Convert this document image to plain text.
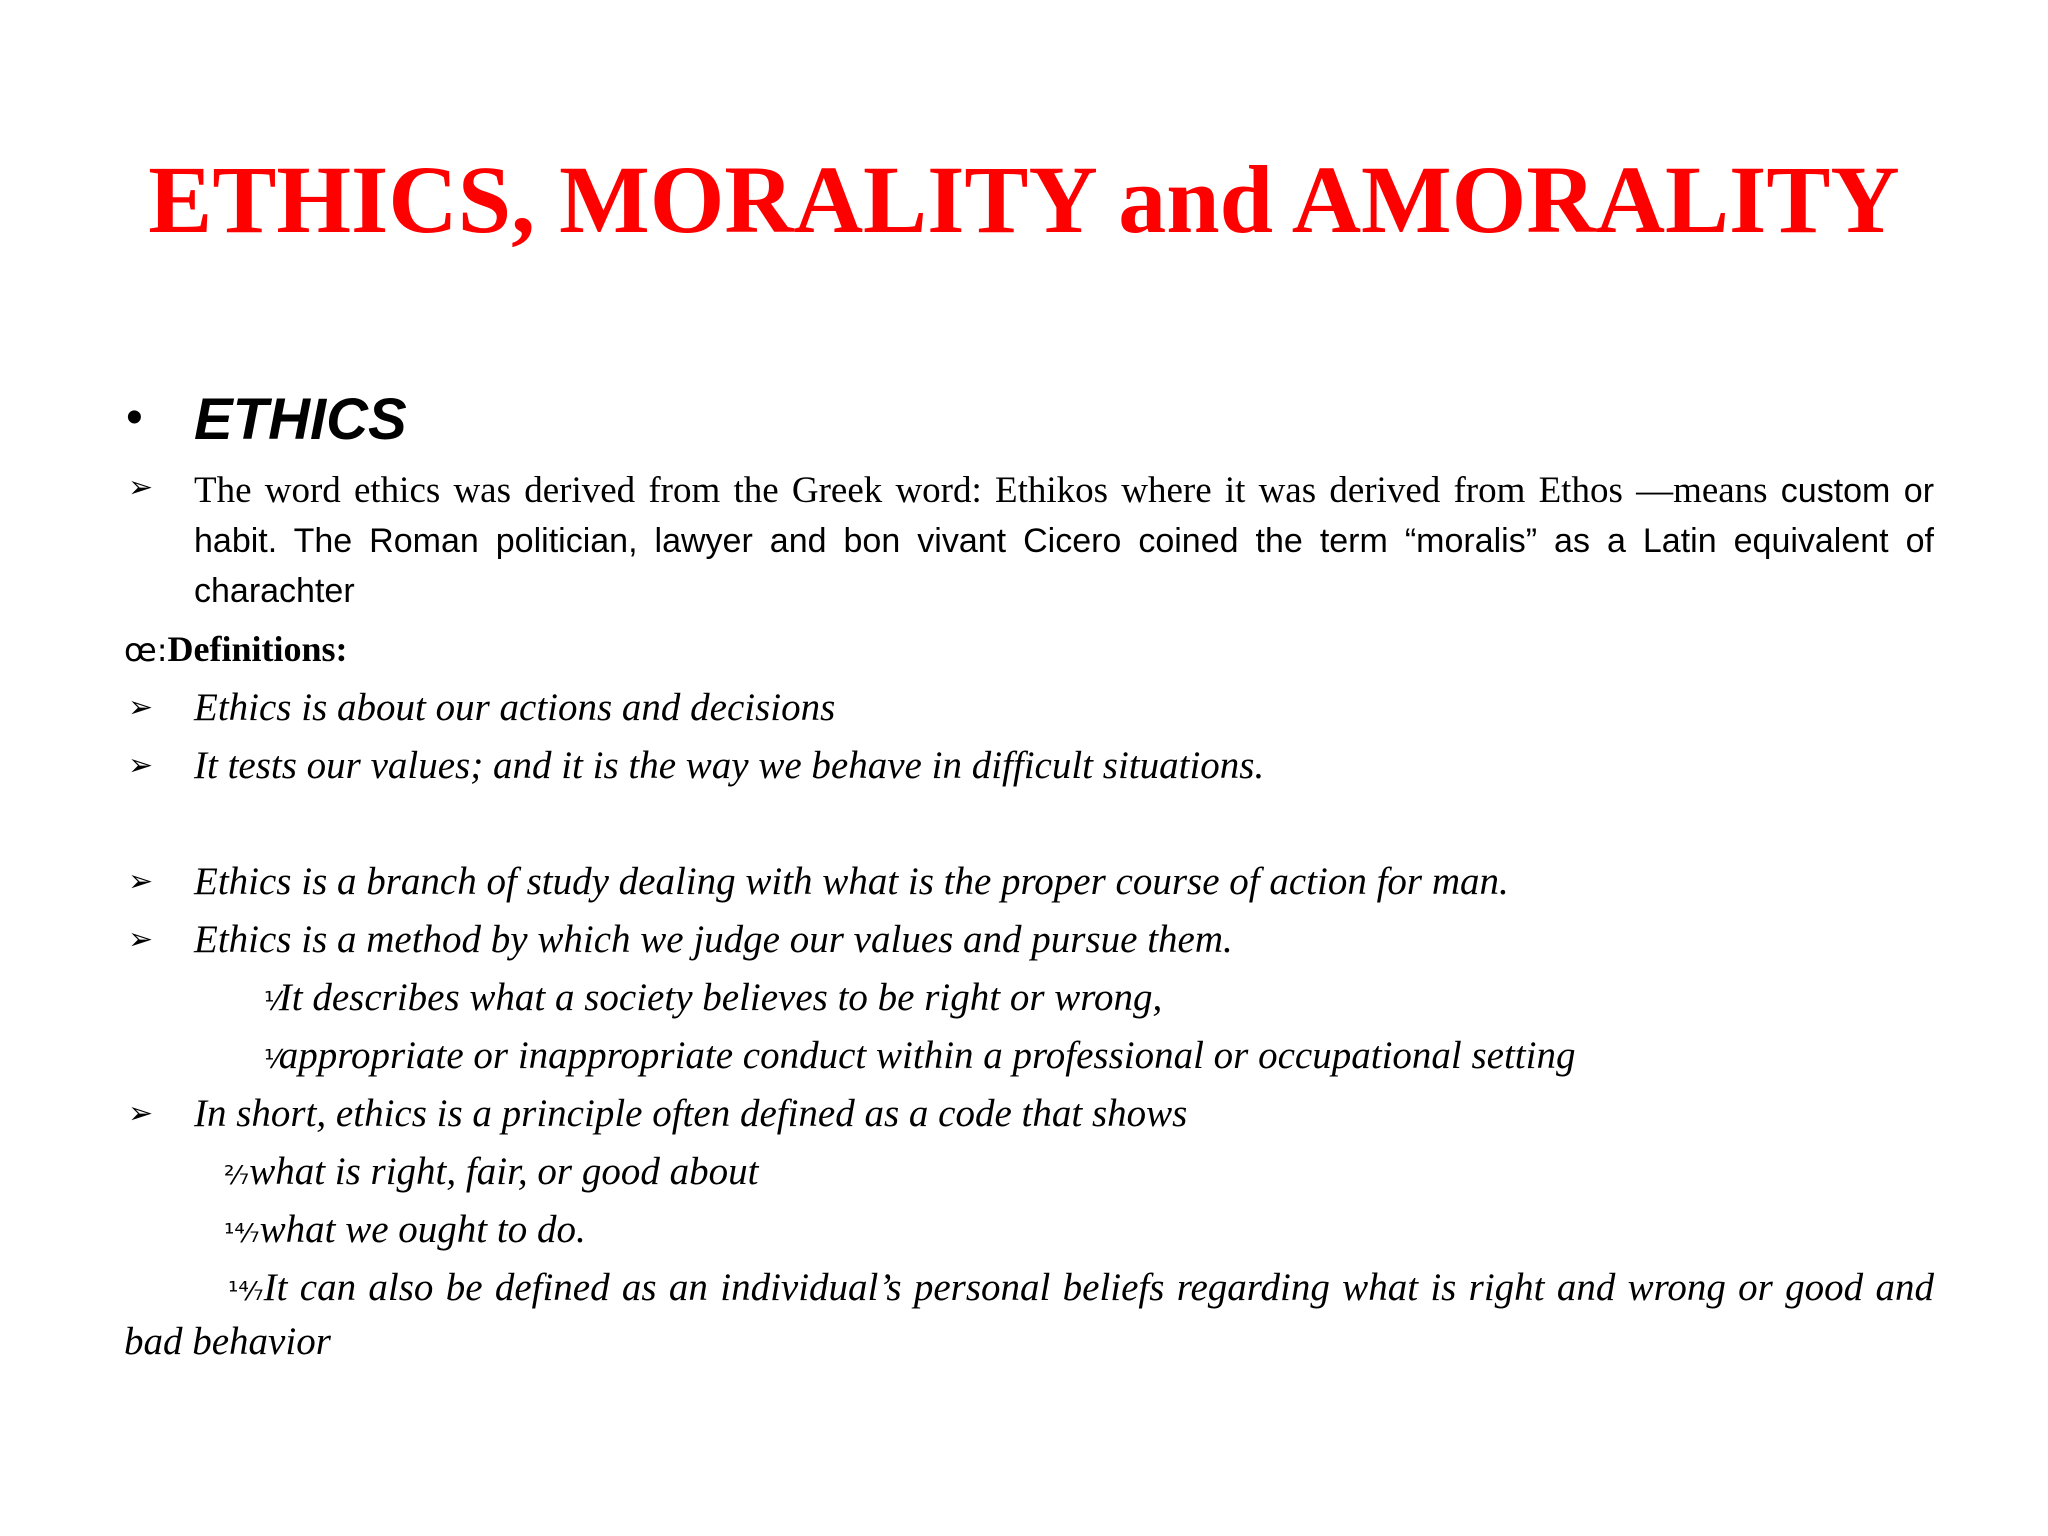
ETHICS, MORALITY and AMORALITY
• ETHICS
➢ The word ethics was derived from the Greek word: Ethikos where it was derived from Ethos —means custom or habit. The Roman politician, lawyer and bon vivant Cicero coined the term “moralis” as a Latin equivalent of charachter
œ:Definitions:
➢ Ethics is about our actions and decisions
➢ It tests our values; and it is the way we behave in difficult situations.
➢ Ethics is a branch of study dealing with what is the proper course of action for man.
➢ Ethics is a method by which we judge our values and pursue them.
⅟It describes what a society believes to be right or wrong,
⅟appropriate or inappropriate conduct within a professional or occupational setting
➢ In short, ethics is a principle often defined as a code that shows
²⁄₇what is right, fair, or good about
¹⁴⁄₇what we ought to do.
¹⁴⁄₇It can also be defined as an individual’s personal beliefs regarding what is right and wrong or good and bad behavior
